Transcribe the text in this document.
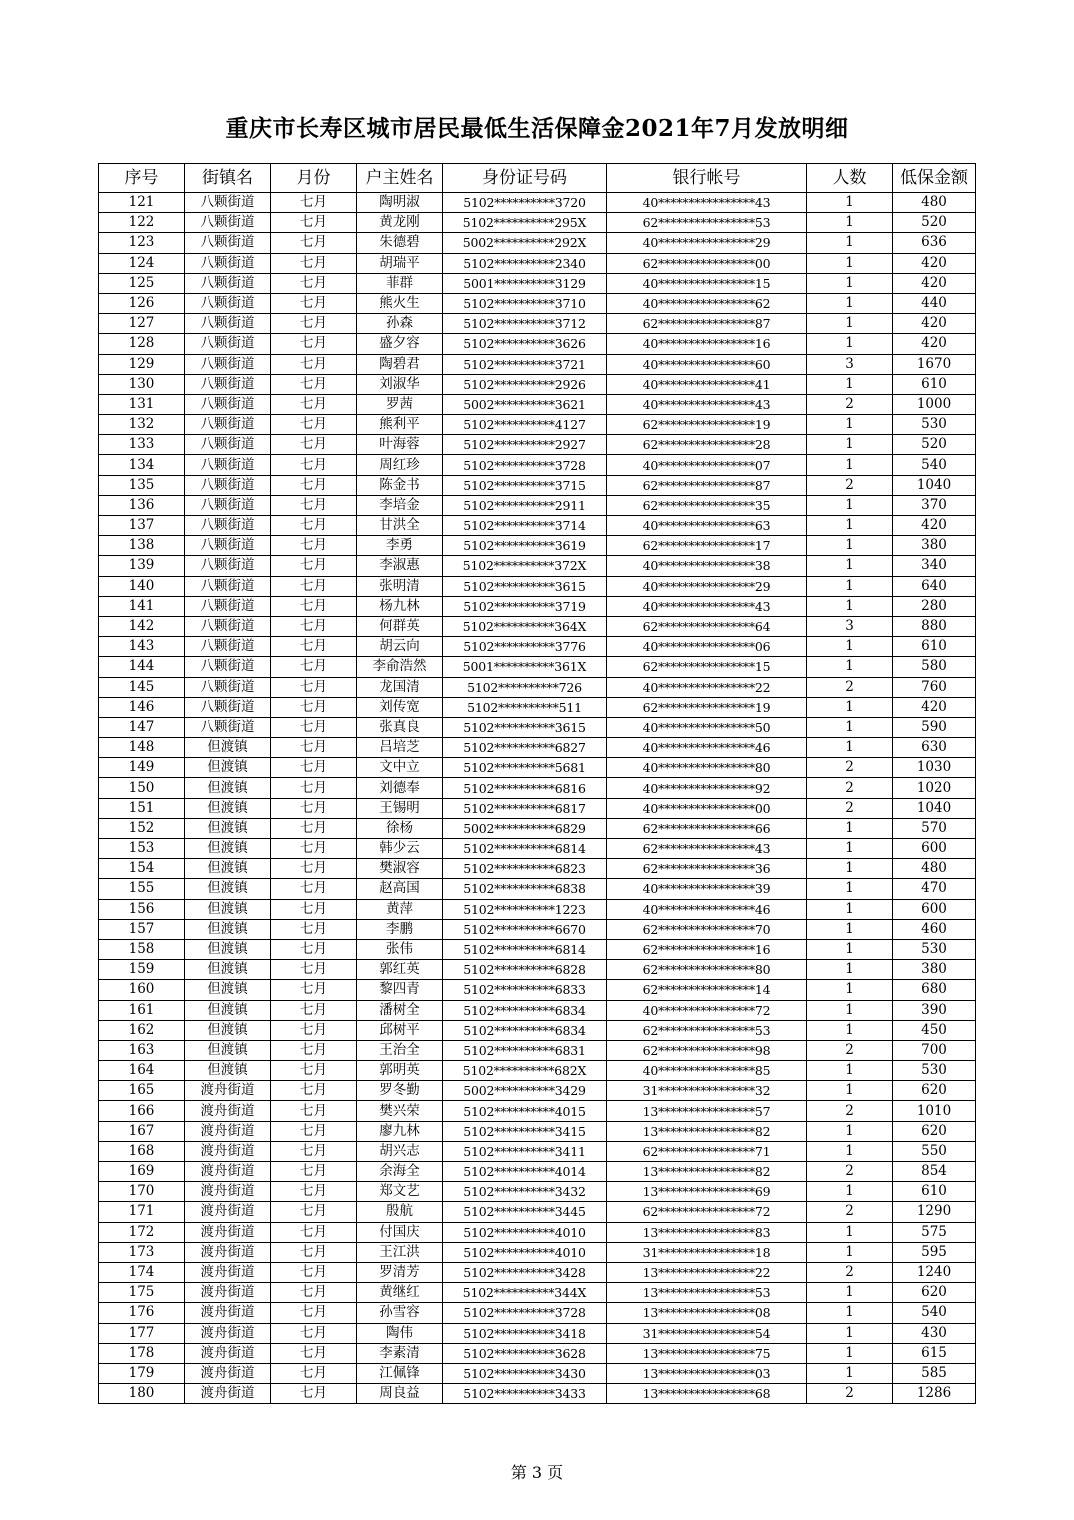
重庆市长寿区城市居民最低生活保障金2021年7月发放明细
序号	街镇名	月份	户主姓名	身份证号码	银行帐号	人数	低保金额
121	八颗街道	七月	陶明淑	5102**********3720	40****************43	1	480
122	八颗街道	七月	黄龙刚	5102**********295X	62****************53	1	520
123	八颗街道	七月	朱德碧	5002**********292X	40****************29	1	636
124	八颗街道	七月	胡瑞平	5102**********2340	62****************00	1	420
125	八颗街道	七月	菲群	5001**********3129	40****************15	1	420
126	八颗街道	七月	熊火生	5102**********3710	40****************62	1	440
127	八颗街道	七月	孙森	5102**********3712	62****************87	1	420
128	八颗街道	七月	盛夕容	5102**********3626	40****************16	1	420
129	八颗街道	七月	陶碧君	5102**********3721	40****************60	3	1670
130	八颗街道	七月	刘淑华	5102**********2926	40****************41	1	610
131	八颗街道	七月	罗茜	5002**********3621	40****************43	2	1000
132	八颗街道	七月	熊利平	5102**********4127	62****************19	1	530
133	八颗街道	七月	叶海蓉	5102**********2927	62****************28	1	520
134	八颗街道	七月	周红珍	5102**********3728	40****************07	1	540
135	八颗街道	七月	陈金书	5102**********3715	62****************87	2	1040
136	八颗街道	七月	李培金	5102**********2911	62****************35	1	370
137	八颗街道	七月	甘洪全	5102**********3714	40****************63	1	420
138	八颗街道	七月	李勇	5102**********3619	62****************17	1	380
139	八颗街道	七月	李淑惠	5102**********372X	40****************38	1	340
140	八颗街道	七月	张明清	5102**********3615	40****************29	1	640
141	八颗街道	七月	杨九林	5102**********3719	40****************43	1	280
142	八颗街道	七月	何群英	5102**********364X	62****************64	3	880
143	八颗街道	七月	胡云向	5102**********3776	40****************06	1	610
144	八颗街道	七月	李俞浩然	5001**********361X	62****************15	1	580
145	八颗街道	七月	龙国清	5102**********726	40****************22	2	760
146	八颗街道	七月	刘传宽	5102**********511	62****************19	1	420
147	八颗街道	七月	张真良	5102**********3615	40****************50	1	590
148	但渡镇	七月	吕培芝	5102**********6827	40****************46	1	630
149	但渡镇	七月	文中立	5102**********5681	40****************80	2	1030
150	但渡镇	七月	刘德奉	5102**********6816	40****************92	2	1020
151	但渡镇	七月	王锡明	5102**********6817	40****************00	2	1040
152	但渡镇	七月	徐杨	5002**********6829	62****************66	1	570
153	但渡镇	七月	韩少云	5102**********6814	62****************43	1	600
154	但渡镇	七月	樊淑容	5102**********6823	62****************36	1	480
155	但渡镇	七月	赵高国	5102**********6838	40****************39	1	470
156	但渡镇	七月	黄萍	5102**********1223	40****************46	1	600
157	但渡镇	七月	李鹏	5102**********6670	62****************70	1	460
158	但渡镇	七月	张伟	5102**********6814	62****************16	1	530
159	但渡镇	七月	郭红英	5102**********6828	62****************80	1	380
160	但渡镇	七月	黎四青	5102**********6833	62****************14	1	680
161	但渡镇	七月	潘树全	5102**********6834	40****************72	1	390
162	但渡镇	七月	邱树平	5102**********6834	62****************53	1	450
163	但渡镇	七月	王治全	5102**********6831	62****************98	2	700
164	但渡镇	七月	郭明英	5102**********682X	40****************85	1	530
165	渡舟街道	七月	罗冬勤	5002**********3429	31****************32	1	620
166	渡舟街道	七月	樊兴荣	5102**********4015	13****************57	2	1010
167	渡舟街道	七月	廖九林	5102**********3415	13****************82	1	620
168	渡舟街道	七月	胡兴志	5102**********3411	62****************71	1	550
169	渡舟街道	七月	余海全	5102**********4014	13****************82	2	854
170	渡舟街道	七月	郑文艺	5102**********3432	13****************69	1	610
171	渡舟街道	七月	殷航	5102**********3445	62****************72	2	1290
172	渡舟街道	七月	付国庆	5102**********4010	13****************83	1	575
173	渡舟街道	七月	王江洪	5102**********4010	31****************18	1	595
174	渡舟街道	七月	罗清芳	5102**********3428	13****************22	2	1240
175	渡舟街道	七月	黄继红	5102**********344X	13****************53	1	620
176	渡舟街道	七月	孙雪容	5102**********3728	13****************08	1	540
177	渡舟街道	七月	陶伟	5102**********3418	31****************54	1	430
178	渡舟街道	七月	李素清	5102**********3628	13****************75	1	615
179	渡舟街道	七月	江佩锋	5102**********3430	13****************03	1	585
180	渡舟街道	七月	周良益	5102**********3433	13****************68	2	1286
第 3 页
